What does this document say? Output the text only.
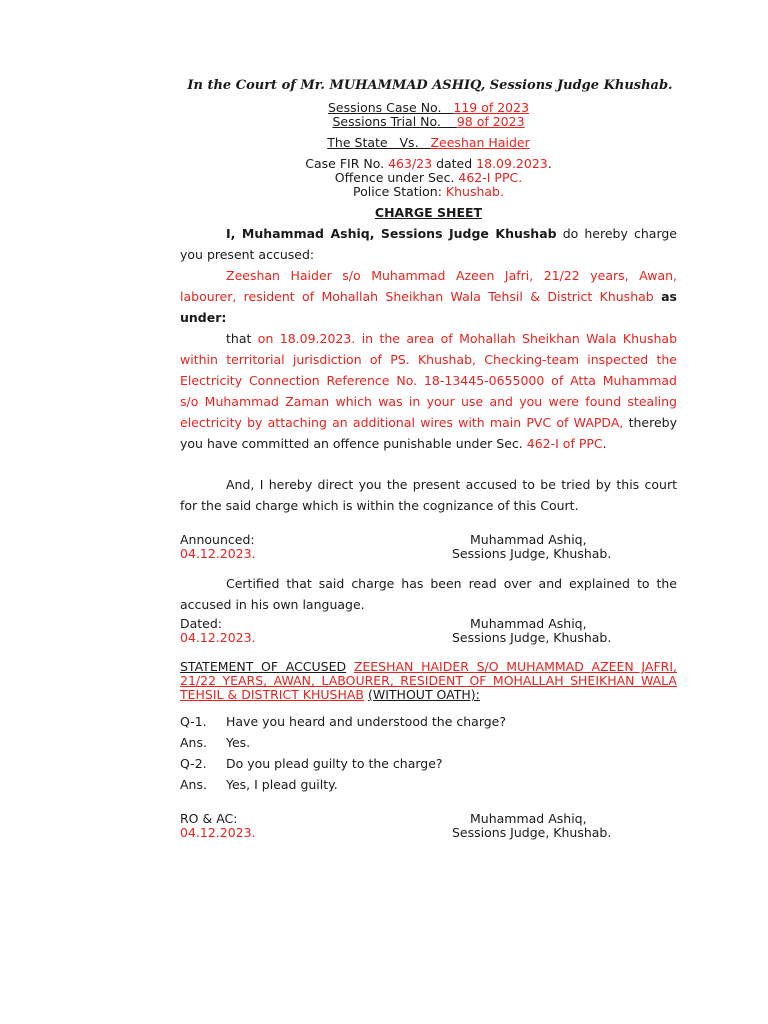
In the Court of Mr. MUHAMMAD ASHIQ, Sessions Judge Khushab.
Sessions Case No. 119 of 2023
Sessions Trial No. 98 of 2023
The State   Vs. Zeeshan Haider
Case FIR No. 463/23 dated 18.09.2023.
Offence under Sec. 462-I PPC.
Police Station: Khushab.
CHARGE SHEET
I, Muhammad Ashiq, Sessions Judge Khushab do hereby charge you present accused:
Zeeshan Haider s/o Muhammad Azeen Jafri, 21/22 years, Awan, labourer, resident of Mohallah Sheikhan Wala Tehsil & District Khushab as under:
that on 18.09.2023. in the area of Mohallah Sheikhan Wala Khushab within territorial jurisdiction of PS. Khushab, Checking-team inspected the Electricity Connection Reference No. 18-13445-0655000 of Atta Muhammad s/o Muhammad Zaman which was in your use and you were found stealing electricity by attaching an additional wires with main PVC of WAPDA, thereby you have committed an offence punishable under Sec. 462-I of PPC.
And, I hereby direct you the present accused to be tried by this court for the said charge which is within the cognizance of this Court.
Announced:
04.12.2023.
Muhammad Ashiq,
Sessions Judge, Khushab.
Certified that said charge has been read over and explained to the accused in his own language.
Dated:
04.12.2023.
Muhammad Ashiq,
Sessions Judge, Khushab.
STATEMENT OF ACCUSED ZEESHAN HAIDER S/O MUHAMMAD AZEEN JAFRI, 21/22 YEARS, AWAN, LABOURER, RESIDENT OF MOHALLAH SHEIKHAN WALA TEHSIL & DISTRICT KHUSHAB (WITHOUT OATH):
Q-1. Have you heard and understood the charge?
Ans. Yes.
Q-2. Do you plead guilty to the charge?
Ans. Yes, I plead guilty.
RO & AC:
04.12.2023.
Muhammad Ashiq,
Sessions Judge, Khushab.
